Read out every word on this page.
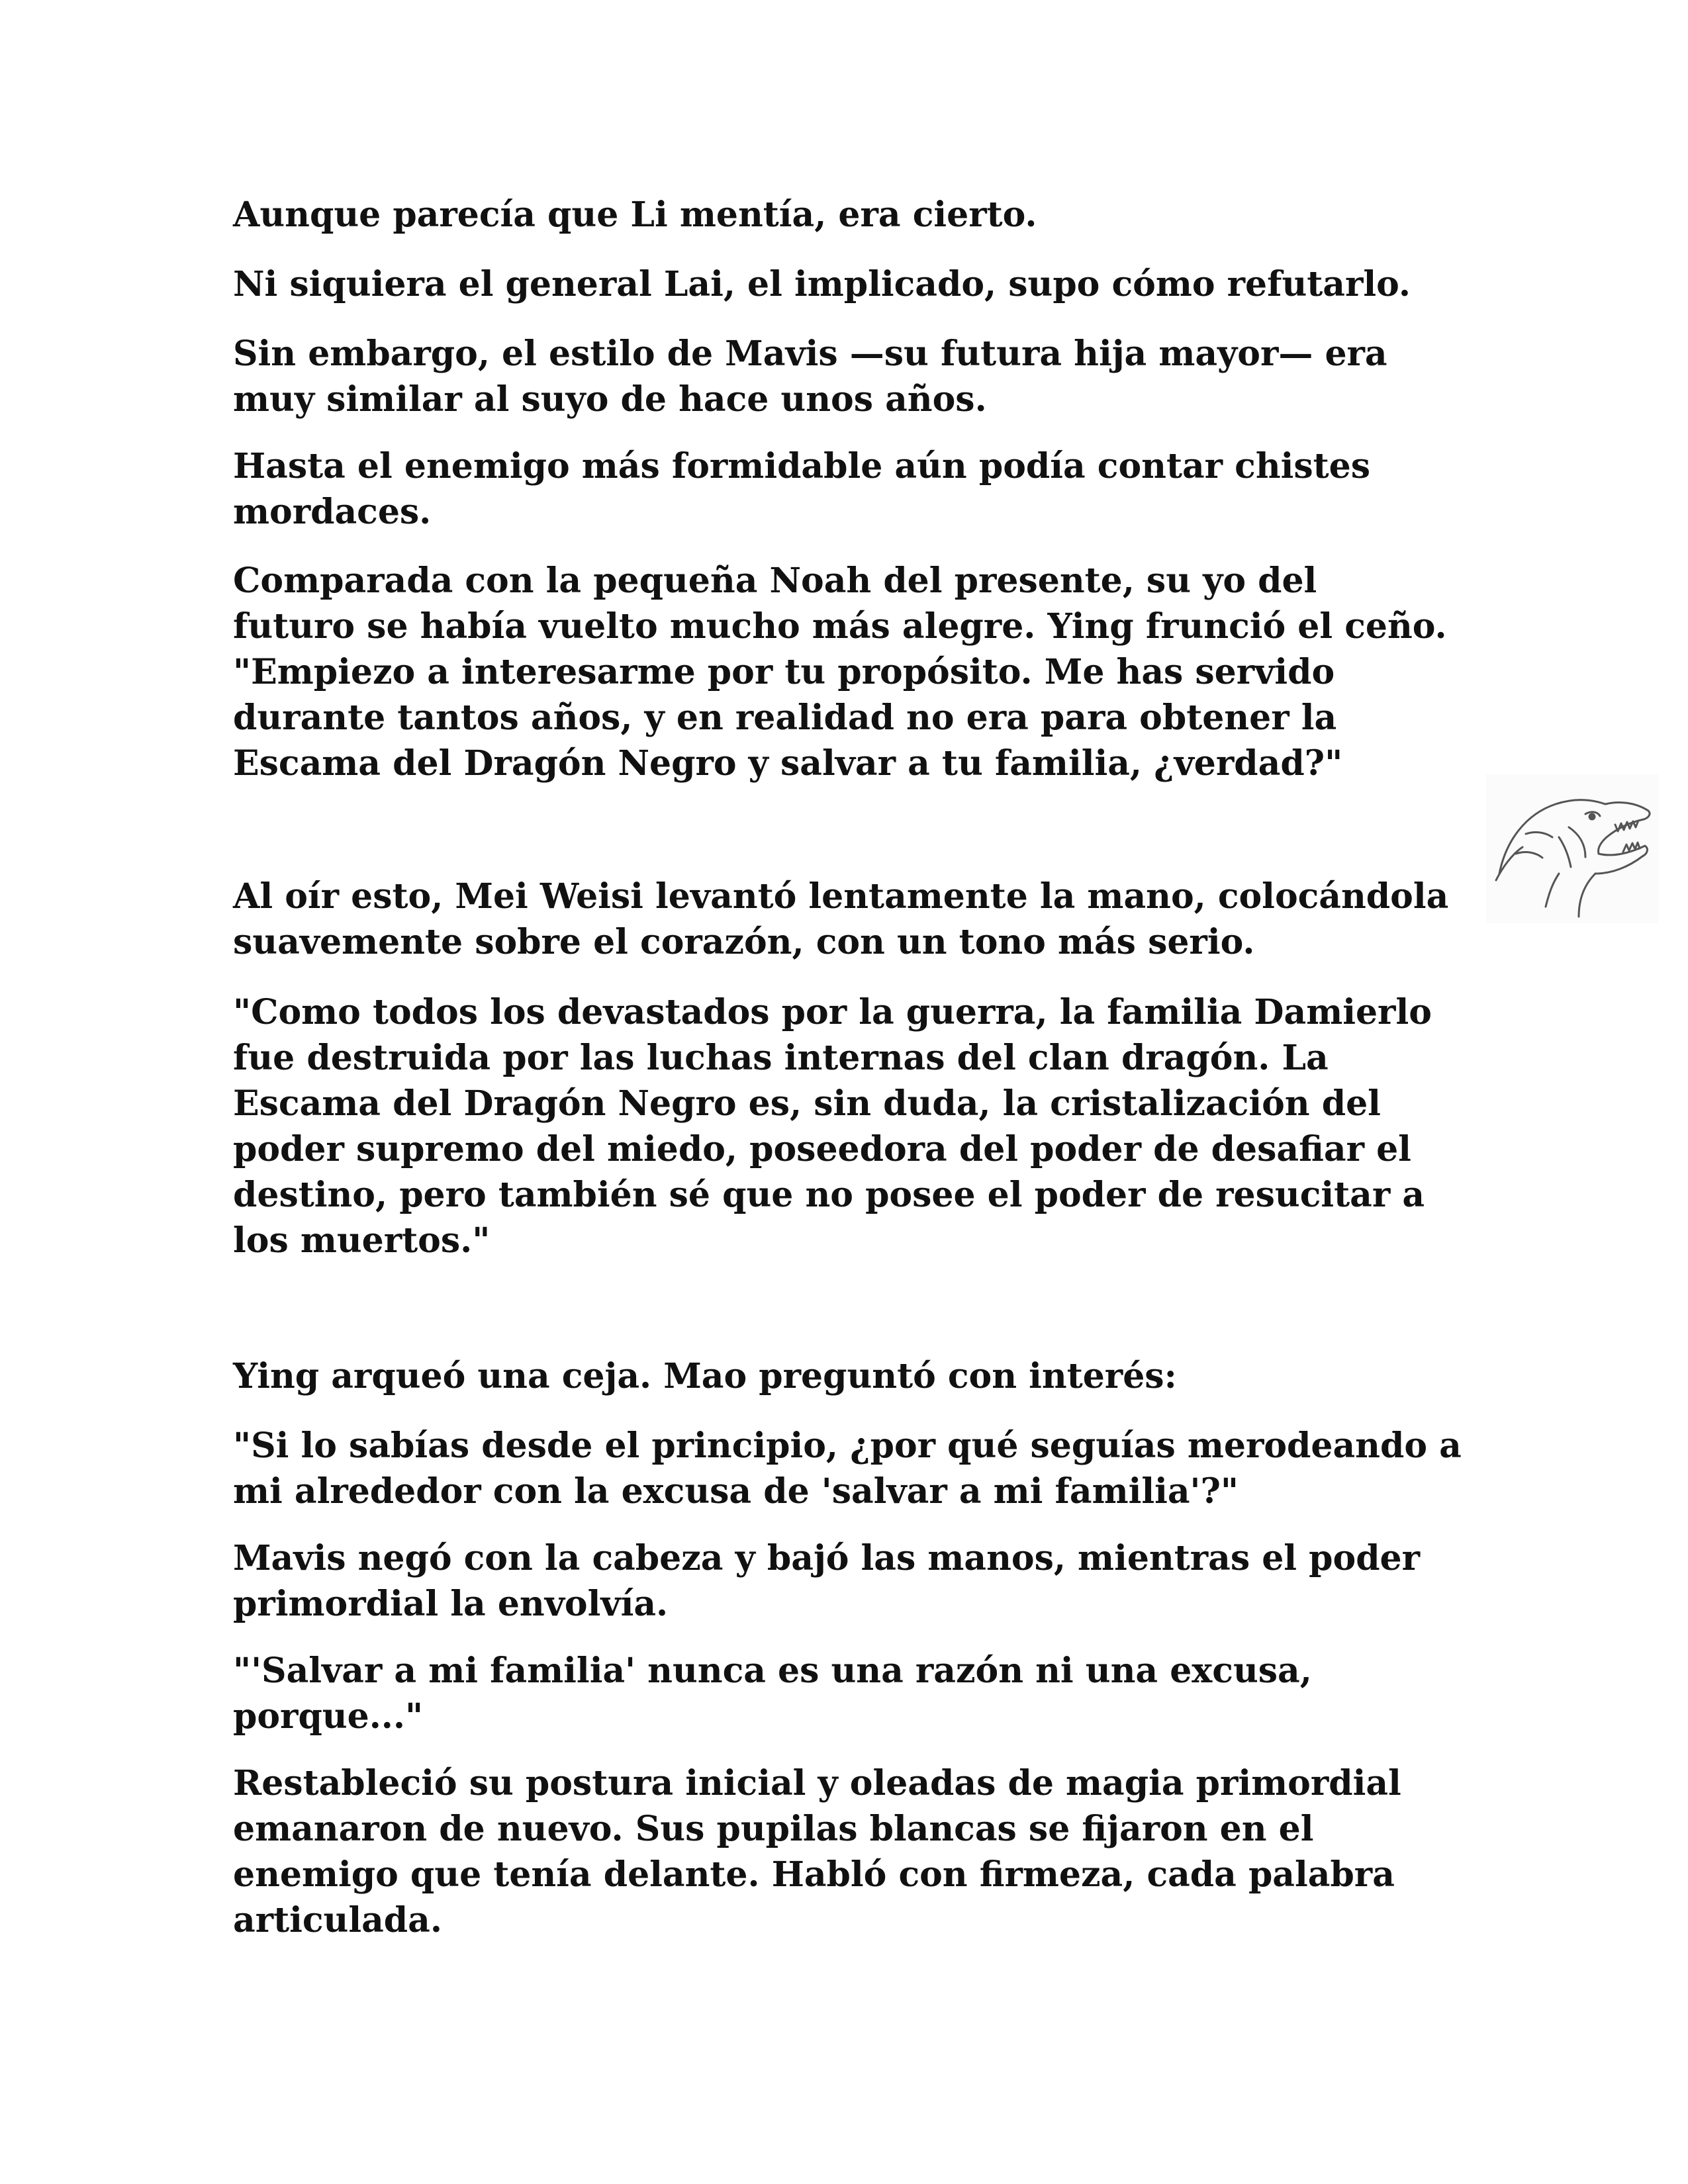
Aunque parecía que Li mentía, era cierto.

Ni siquiera el general Lai, el implicado, supo cómo refutarlo.

Sin embargo, el estilo de Mavis —su futura hija mayor— era
muy similar al suyo de hace unos años.

Hasta el enemigo más formidable aún podía contar chistes
mordaces.

Comparada con la pequeña Noah del presente, su yo del
futuro se había vuelto mucho más alegre. Ying frunció el ceño.
"Empiezo a interesarme por tu propósito. Me has servido
durante tantos años, y en realidad no era para obtener la
Escama del Dragón Negro y salvar a tu familia, ¿verdad?"

Al oír esto, Mei Weisi levantó lentamente la mano, colocándola
suavemente sobre el corazón, con un tono más serio.

"Como todos los devastados por la guerra, la familia Damierlo
fue destruida por las luchas internas del clan dragón. La
Escama del Dragón Negro es, sin duda, la cristalización del
poder supremo del miedo, poseedora del poder de desafiar el
destino, pero también sé que no posee el poder de resucitar a
los muertos."

Ying arqueó una ceja. Mao preguntó con interés:

"Si lo sabías desde el principio, ¿por qué seguías merodeando a
mi alrededor con la excusa de 'salvar a mi familia'?"

Mavis negó con la cabeza y bajó las manos, mientras el poder
primordial la envolvía.

"'Salvar a mi familia' nunca es una razón ni una excusa,
porque..."

Restableció su postura inicial y oleadas de magia primordial
emanaron de nuevo. Sus pupilas blancas se fijaron en el
enemigo que tenía delante. Habló con firmeza, cada palabra
articulada.
